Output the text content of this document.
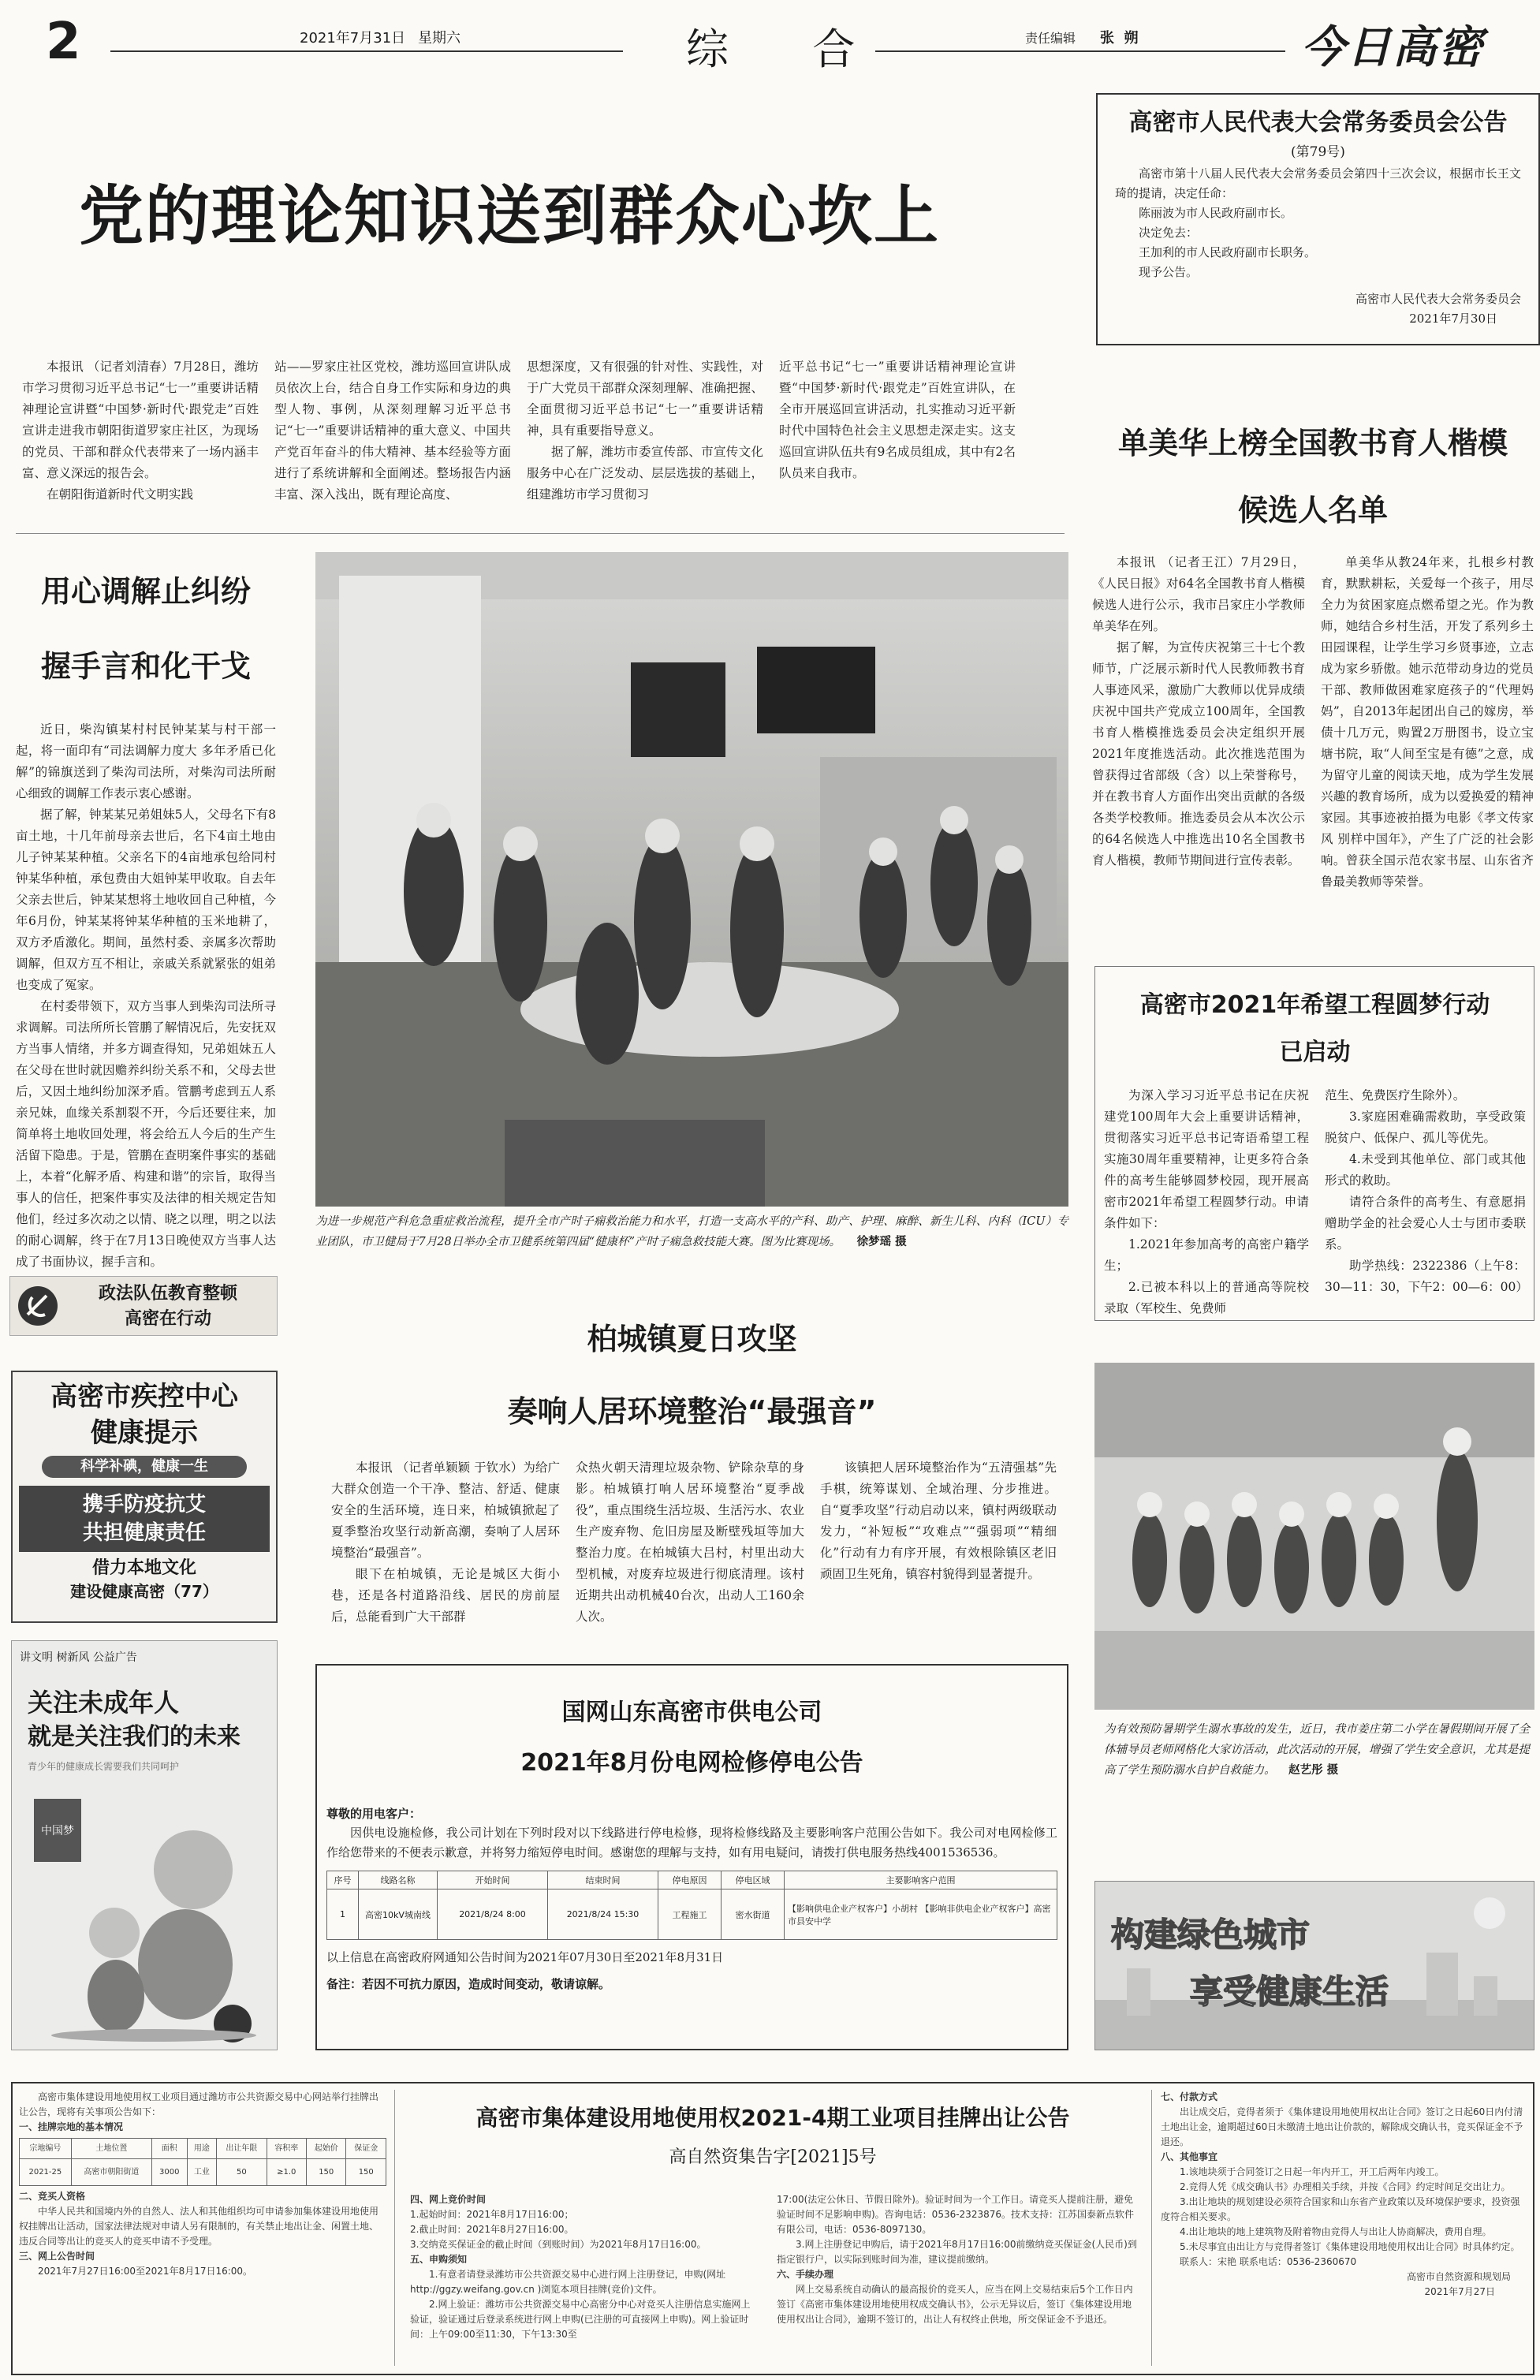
2	2021年7月31日 星期六	综  合	责任编辑 张  朔	今日高密
高密市人民代表大会常务委员会公告
(第79号)

高密市第十八届人民代表大会常务委员会第四十三次会议，根据市长王文琦的提请，决定任命：

陈丽波为市人民政府副市长。

决定免去：

王加利的市人民政府副市长职务。

现予公告。

高密市人民代表大会常务委员会
2021年7月30日
党的理论知识送到群众心坎上

本报讯 （记者刘清春）7月28日，潍坊市学习贯彻习近平总书记“七一”重要讲话精神理论宣讲暨“中国梦·新时代·跟党走”百姓宣讲走进我市朝阳街道罗家庄社区，为现场的党员、干部和群众代表带来了一场内涵丰富、意义深远的报告会。

在朝阳街道新时代文明实践

站——罗家庄社区党校，潍坊巡回宣讲队成员依次上台，结合自身工作实际和身边的典型人物、事例，从深刻理解习近平总书记“七一”重要讲话精神的重大意义、中国共产党百年奋斗的伟大精神、基本经验等方面进行了系统讲解和全面阐述。整场报告内涵丰富、深入浅出，既有理论高度、

思想深度，又有很强的针对性、实践性，对于广大党员干部群众深刻理解、准确把握、全面贯彻习近平总书记“七一”重要讲话精神，具有重要指导意义。

据了解，潍坊市委宣传部、市宣传文化服务中心在广泛发动、层层选拔的基础上，组建潍坊市学习贯彻习

近平总书记“七一”重要讲话精神理论宣讲暨“中国梦·新时代·跟党走”百姓宣讲队，在全市开展巡回宣讲活动，扎实推动习近平新时代中国特色社会主义思想走深走实。这支巡回宣讲队伍共有9名成员组成，其中有2名队员来自我市。

用心调解止纠纷
握手言和化干戈

近日，柴沟镇某村村民钟某某与村干部一起，将一面印有“司法调解力度大 多年矛盾已化解”的锦旗送到了柴沟司法所，对柴沟司法所耐心细致的调解工作表示衷心感谢。

据了解，钟某某兄弟姐妹5人，父母名下有8亩土地，十几年前母亲去世后，名下4亩土地由儿子钟某某种植。父亲名下的4亩地承包给同村钟某华种植，承包费由大姐钟某甲收取。自去年父亲去世后，钟某某想将土地收回自己种植，今年6月份，钟某某将钟某华种植的玉米地耕了，双方矛盾激化。期间，虽然村委、亲属多次帮助调解，但双方互不相让，亲戚关系就紧张的姐弟也变成了冤家。

在村委带领下，双方当事人到柴沟司法所寻求调解。司法所所长管鹏了解情况后，先安抚双方当事人情绪，并多方调查得知，兄弟姐妹五人在父母在世时就因赡养纠纷关系不和，父母去世后，又因土地纠纷加深矛盾。管鹏考虑到五人系亲兄妹，血缘关系割裂不开，今后还要往来，加简单将土地收回处理，将会给五人今后的生产生活留下隐患。于是，管鹏在查明案件事实的基础上，本着“化解矛盾、构建和谐”的宗旨，取得当事人的信任，把案件事实及法律的相关规定告知他们，经过多次动之以情、晓之以理，明之以法的耐心调解，终于在7月13日晚使双方当事人达成了书面协议，握手言和。

政法队伍教育整顿
高密在行动
为进一步规范产科危急重症救治流程，提升全市产时子痫救治能力和水平，打造一支高水平的产科、助产、护理、麻醉、新生儿科、内科（ICU）专业团队，市卫健局于7月28日举办全市卫健系统第四届“健康杯”产时子痫急救技能大赛。图为比赛现场。 徐梦瑶 摄
单美华上榜全国教书育人楷模
候选人名单

本报讯 （记者王江）7月29日，《人民日报》对64名全国教书育人楷模候选人进行公示，我市吕家庄小学教师单美华在列。

据了解，为宣传庆祝第三十七个教师节，广泛展示新时代人民教师教书育人事迹风采，激励广大教师以优异成绩庆祝中国共产党成立100周年，全国教书育人楷模推选委员会决定组织开展2021年度推选活动。此次推选范围为曾获得过省部级（含）以上荣誉称号，并在教书育人方面作出突出贡献的各级各类学校教师。推选委员会从本次公示的64名候选人中推选出10名全国教书育人楷模，教师节期间进行宣传表彰。

单美华从教24年来，扎根乡村教育，默默耕耘，关爱每一个孩子，用尽全力为贫困家庭点燃希望之光。作为教师，她结合乡村生活，开发了系列乡土田园课程，让学生学习乡贤事迹，立志成为家乡骄傲。她示范带动身边的党员干部、教师做困难家庭孩子的“代理妈妈”，自2013年起团出自己的嫁房，举债十几万元，购置2万册图书，设立宝塘书院，取“人间至宝是有德”之意，成为留守儿童的阅读天地，成为学生发展兴趣的教育场所，成为以爱换爱的精神家园。其事迹被拍摄为电影《孝文传家风 别样中国年》，产生了广泛的社会影响。曾获全国示范农家书屋、山东省齐鲁最美教师等荣誉。

高密市2021年希望工程圆梦行动
已启动

为深入学习习近平总书记在庆祝建党100周年大会上重要讲话精神，贯彻落实习近平总书记寄语希望工程实施30周年重要精神，让更多符合条件的高考生能够圆梦校园，现开展高密市2021年希望工程圆梦行动。申请条件如下：

1.2021年参加高考的高密户籍学生；

2.已被本科以上的普通高等院校录取（军校生、免费师

范生、免费医疗生除外）。

3.家庭困难确需救助，享受政策脱贫户、低保户、孤儿等优先。

4.未受到其他单位、部门或其他形式的救助。

请符合条件的高考生、有意愿捐赠助学金的社会爱心人士与团市委联系。

助学热线：2322386（上午8：30—11：30，下午2：00—6：00）

高密市疾控中心
健康提示
科学补碘，健康一生
携手防疫抗艾
共担健康责任
借力本地文化
建设健康高密（77）
讲文明 树新风 公益广告
关注未成年人
就是关注我们的未来
青少年的健康成长需要我们共同呵护
中国梦
柏城镇夏日攻坚
奏响人居环境整治“最强音”

本报讯 （记者单颖颖 于钦水）为给广大群众创造一个干净、整洁、舒适、健康安全的生活环境，连日来，柏城镇掀起了夏季整治攻坚行动新高潮，奏响了人居环境整治“最强音”。

眼下在柏城镇，无论是城区大街小巷，还是各村道路沿线、居民的房前屋后，总能看到广大干部群

众热火朝天清理垃圾杂物、铲除杂草的身影。柏城镇打响人居环境整治“夏季战役”，重点围绕生活垃圾、生活污水、农业生产废弃物、危旧房屋及断壁残垣等加大整治力度。在柏城镇大吕村，村里出动大型机械，对废弃垃圾进行彻底清理。该村近期共出动机械40台次，出动人工160余人次。

该镇把人居环境整治作为“五清强基”先手棋，统筹谋划、全域治理、分步推进。自“夏季攻坚”行动启动以来，镇村两级联动发力，“补短板”“攻难点”“强弱项”“精细化”行动有力有序开展，有效根除镇区老旧顽固卫生死角，镇容村貌得到显著提升。

国网山东高密市供电公司
2021年8月份电网检修停电公告
尊敬的用电客户：

因供电设施检修，我公司计划在下列时段对以下线路进行停电检修，现将检修线路及主要影响客户范围公告如下。我公司对电网检修工作给您带来的不便表示歉意，并将努力缩短停电时间。感谢您的理解与支持，如有用电疑问，请拨打供电服务热线4001536536。

序号	线路名称	开始时间	结束时间	停电原因	停电区域	主要影响客户范围
1	高密10kV城南线	2021/8/24 8:00	2021/8/24 15:30	工程施工	密水街道	【影响供电企业产权客户】小胡村 【影响非供电企业产权客户】高密市县安中学
以上信息在高密政府网通知公告时间为2021年07月30日至2021年8月31日
备注：若因不可抗力原因，造成时间变动，敬请谅解。
为有效预防暑期学生溺水事故的发生，近日，我市姜庄第二小学在暑假期间开展了全体辅导员老师网格化大家访活动，此次活动的开展，增强了学生安全意识，尤其是提高了学生预防溺水自护自救能力。 赵艺彤 摄
构建绿色城市
享受健康生活
高密市集体建设用地使用权工业项目通过潍坊市公共资源交易中心网站举行挂牌出让公告，现将有关事项公告如下：
一、挂牌宗地的基本情况
宗地编号	土地位置	面积	用途	出让年限	容积率	起始价	保证金
2021-25	高密市朝阳街道	3000	工业	50	≥1.0	150	150
二、竞买人资格
中华人民共和国境内外的自然人、法人和其他组织均可申请参加集体建设用地使用权挂牌出让活动，国家法律法规对申请人另有限制的，有关禁止地出让金、闲置土地、违反合同等出让的竞买人的竞买申请不予受理。
三、网上公告时间
2021年7月27日16:00至2021年8月17日16:00。
高密市集体建设用地使用权2021-4期工业项目挂牌出让公告
高自然资集告字[2021]5号
四、网上竞价时间
1.起始时间：2021年8月17日16:00；
2.截止时间：2021年8月27日16:00。
3.交纳竞买保证金的截止时间（到账时间）为2021年8月17日16:00。
五、申购须知
1.有意者请登录潍坊市公共资源交易中心进行网上注册登记，申购(网址http://ggzy.weifang.gov.cn )浏览本项目挂牌(竞价)文件。
2.网上验证：潍坊市公共资源交易中心高密分中心对竞买人注册信息实施网上验证，验证通过后登录系统进行网上申购(已注册的可直接网上申购)。网上验证时间：上午09:00至11:30，下午13:30至
17:00(法定公休日、节假日除外)。验证时间为一个工作日。请竞买人提前注册，避免验证时间不足影响申购)。咨询电话：0536-2323876。技术支持：江苏国泰新点软件有限公司，电话：0536-8097130。
3.网上注册登记申购后，请于2021年8月17日16:00前缴纳竞买保证金(人民币)到指定银行户，以实际到账时间为准，建议提前缴纳。
六、手续办理
网上交易系统自动确认的最高报价的竞买人，应当在网上交易结束后5个工作日内签订《高密市集体建设用地使用权成交确认书》，公示无异议后，签订《集体建设用地使用权出让合同》，逾期不签订的，出让人有权终止供地，所交保证金不予退还。
七、付款方式
出让成交后，竞得者须于《集体建设用地使用权出让合同》签订之日起60日内付清土地出让金，逾期超过60日未缴清土地出让价款的，解除成交确认书，竞买保证金不予退还。
八、其他事宜
1.该地块须于合同签订之日起一年内开工，开工后两年内竣工。
2.竞得人凭《成交确认书》办理相关手续，并按《合同》约定时间足交出让力。
3.出让地块的规划建设必须符合国家和山东省产业政策以及环境保护要求，投资强度符合相关要求。
4.出让地块的地上建筑物及附着物由竞得人与出让人协商解决，费用自理。
5.未尽事宜由出让方与竞得者签订《集体建设用地使用权出让合同》时具体约定。
联系人：宋艳 联系电话：0536-2360670
高密市自然资源和规划局
2021年7月27日
